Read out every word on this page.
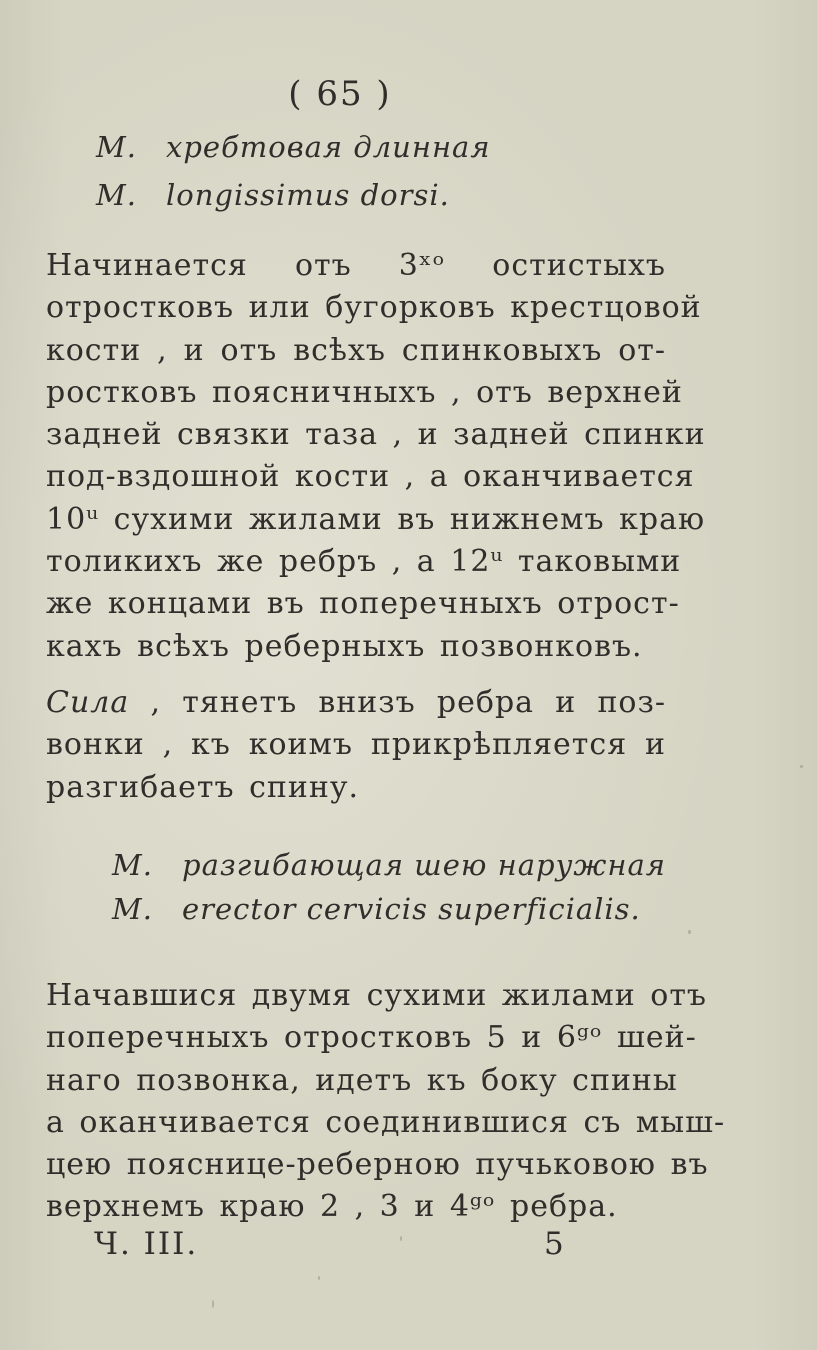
( 65 )
M. хребтовая длинная
M. longissimus dorsi.
Начинается отъ 3ˣᵒ остистыхъ
отростковъ или бугорковъ крестцовой
кости , и отъ всѣхъ спинковыхъ от-
ростковъ поясничныхъ , отъ верхней
задней связки таза , и задней спинки
под-вздошной кости , а оканчивается
10ᵘ сухими жилами въ нижнемъ краю
толикихъ же ребръ , а 12ᵘ таковыми
же концами въ поперечныхъ отрост-
кахъ всѣхъ реберныхъ позвонковъ.
Сила , тянетъ внизъ ребра и поз-
вонки , къ коимъ прикрѣпляется и
разгибаетъ спину.
M. разгибающая шею наружная
M. erector cervicis superficialis.
Начавшися двумя сухими жилами отъ
поперечныхъ отростковъ 5 и 6ᵍᵒ шей-
наго позвонка, идетъ къ боку спины
а оканчивается соединившися съ мыш-
цею поясницe-реберною пучьковою въ
верхнемъ краю 2 , 3 и 4ᵍᵒ ребра.
Ч. III.	5
